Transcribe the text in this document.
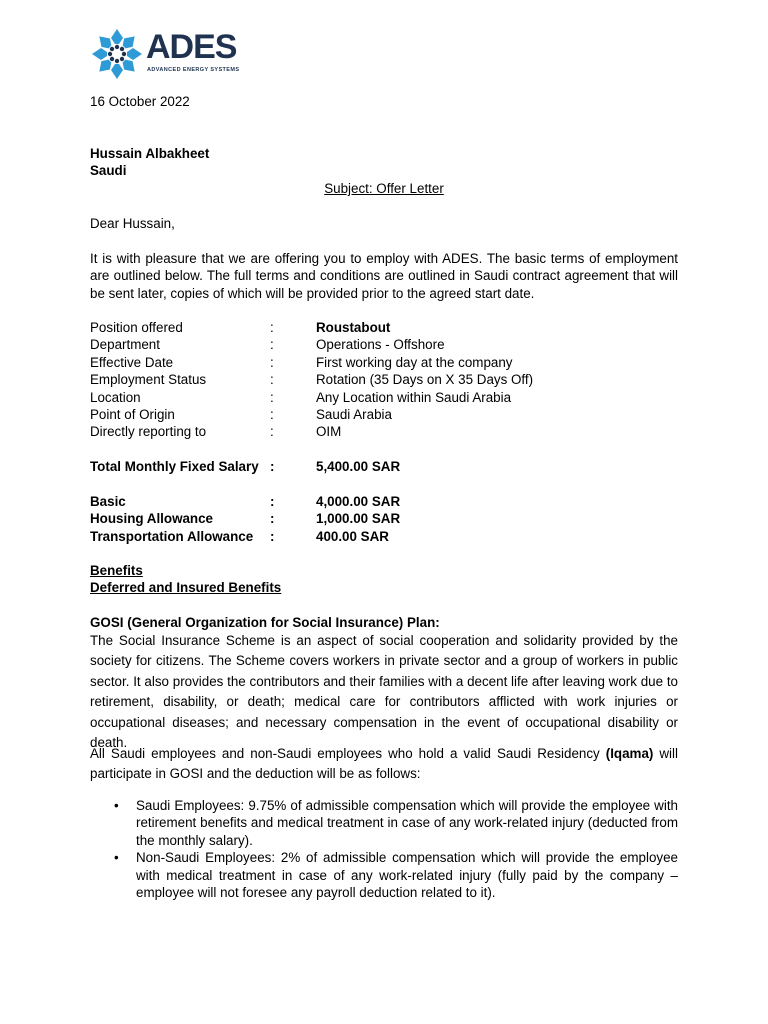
ADES
ADVANCED ENERGY SYSTEMS
16 October 2022
Hussain Albakheet
Saudi
Subject: Offer Letter
Dear Hussain,
It is with pleasure that we are offering you to employ with ADES. The basic terms of employment are outlined below. The full terms and conditions are outlined in Saudi contract agreement that will be sent later, copies of which will be provided prior to the agreed start date.
Position offered	:	Roustabout
Department	:	Operations - Offshore
Effective Date	:	First working day at the company
Employment Status	:	Rotation (35 Days on X 35 Days Off)
Location	:	Any Location within Saudi Arabia
Point of Origin	:	Saudi Arabia
Directly reporting to	:	OIM
Total Monthly Fixed Salary :	5,400.00 SAR
Basic	:	4,000.00 SAR
Housing Allowance	:	1,000.00 SAR
Transportation Allowance :	400.00 SAR
Benefits
Deferred and Insured Benefits
GOSI (General Organization for Social Insurance) Plan:
The Social Insurance Scheme is an aspect of social cooperation and solidarity provided by the society for citizens. The Scheme covers workers in private sector and a group of workers in public sector. It also provides the contributors and their families with a decent life after leaving work due to retirement, disability, or death; medical care for contributors afflicted with work injuries or occupational diseases; and necessary compensation in the event of occupational disability or death.
All Saudi employees and non-Saudi employees who hold a valid Saudi Residency (Iqama) will participate in GOSI and the deduction will be as follows:
• Saudi Employees: 9.75% of admissible compensation which will provide the employee with retirement benefits and medical treatment in case of any work-related injury (deducted from the monthly salary).
• Non-Saudi Employees: 2% of admissible compensation which will provide the employee with medical treatment in case of any work-related injury (fully paid by the company – employee will not foresee any payroll deduction related to it).
